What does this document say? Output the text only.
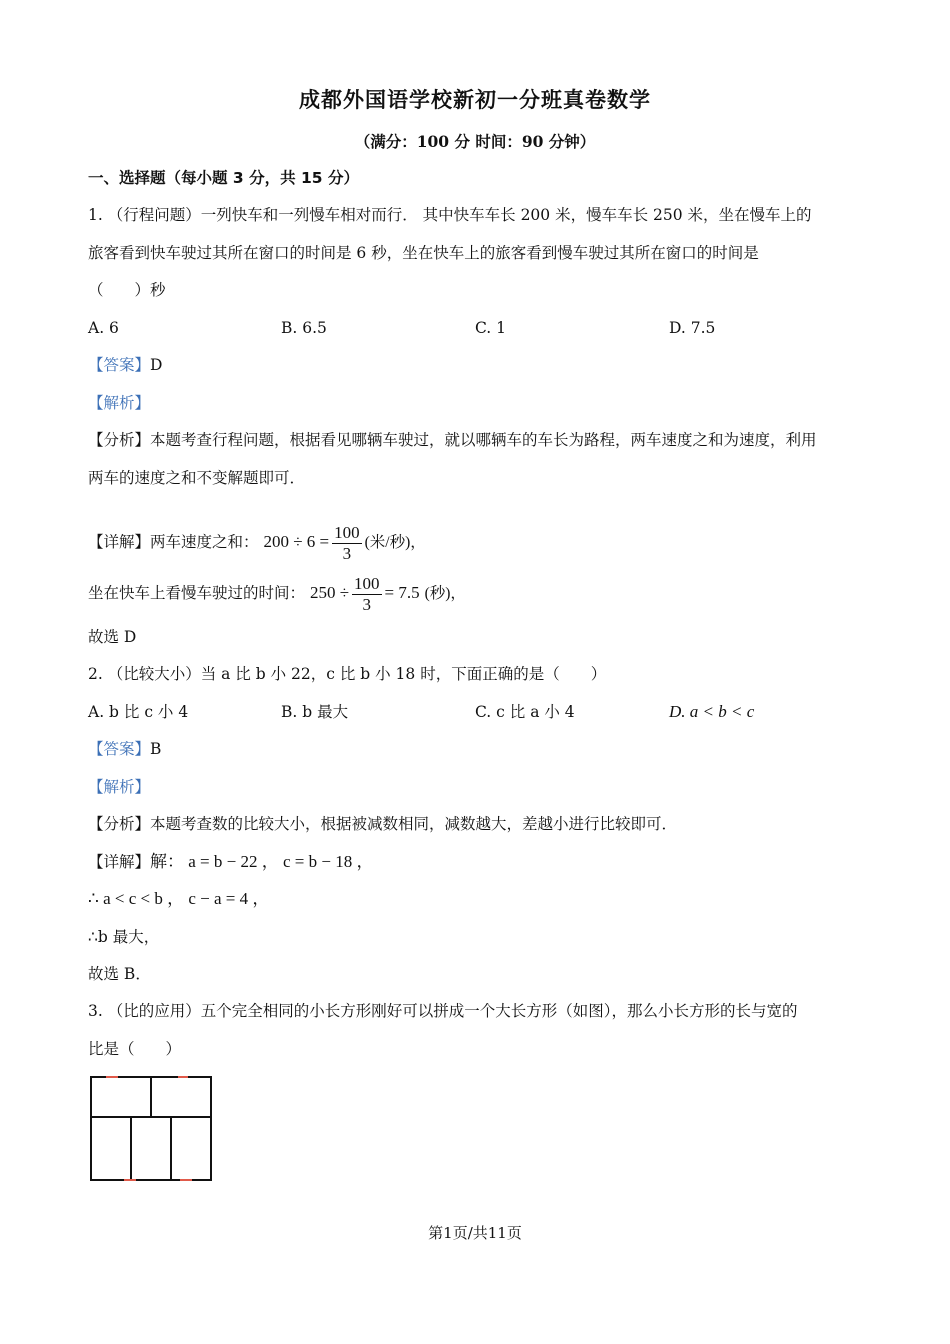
成都外国语学校新初一分班真卷数学
（满分：100 分 时间：90 分钟）
一、选择题（每小题 3 分，共 15 分）
1. （行程问题）一列快车和一列慢车相对而行． 其中快车车长 200 米，慢车车长 250 米，坐在慢车上的
旅客看到快车驶过其所在窗口的时间是 6 秒，坐在快车上的旅客看到慢车驶过其所在窗口的时间是
（　　）秒
A. 6	B. 6.5	C. 1	D. 7.5
【答案】D
【解析】
【分析】本题考查行程问题，根据看见哪辆车驶过，就以哪辆车的车长为路程，两车速度之和为速度，利用
两车的速度之和不变解题即可．
【详解】两车速度之和： $200 \div 6 = \frac{100}{3}$ (米/秒)，
坐在快车上看慢车驶过的时间： $250 \div \frac{100}{3} = 7.5$ (秒)，
故选 D
2. （比较大小）当 a 比 b 小 22，c 比 b 小 18 时，下面正确的是（　　）
A. b 比 c 小 4	B. b 最大	C. c 比 a 小 4	D. a < b < c
【答案】B
【解析】
【分析】本题考查数的比较大小，根据被减数相同，减数越大，差越小进行比较即可．
【详解】解： a = b − 22 ， c = b − 18 ，
∴ a < c < b ， c − a = 4 ，
∴b 最大，
故选 B．
3. （比的应用）五个完全相同的小长方形刚好可以拼成一个大长方形（如图），那么小长方形的长与宽的
比是（　　）
第1页/共11页
